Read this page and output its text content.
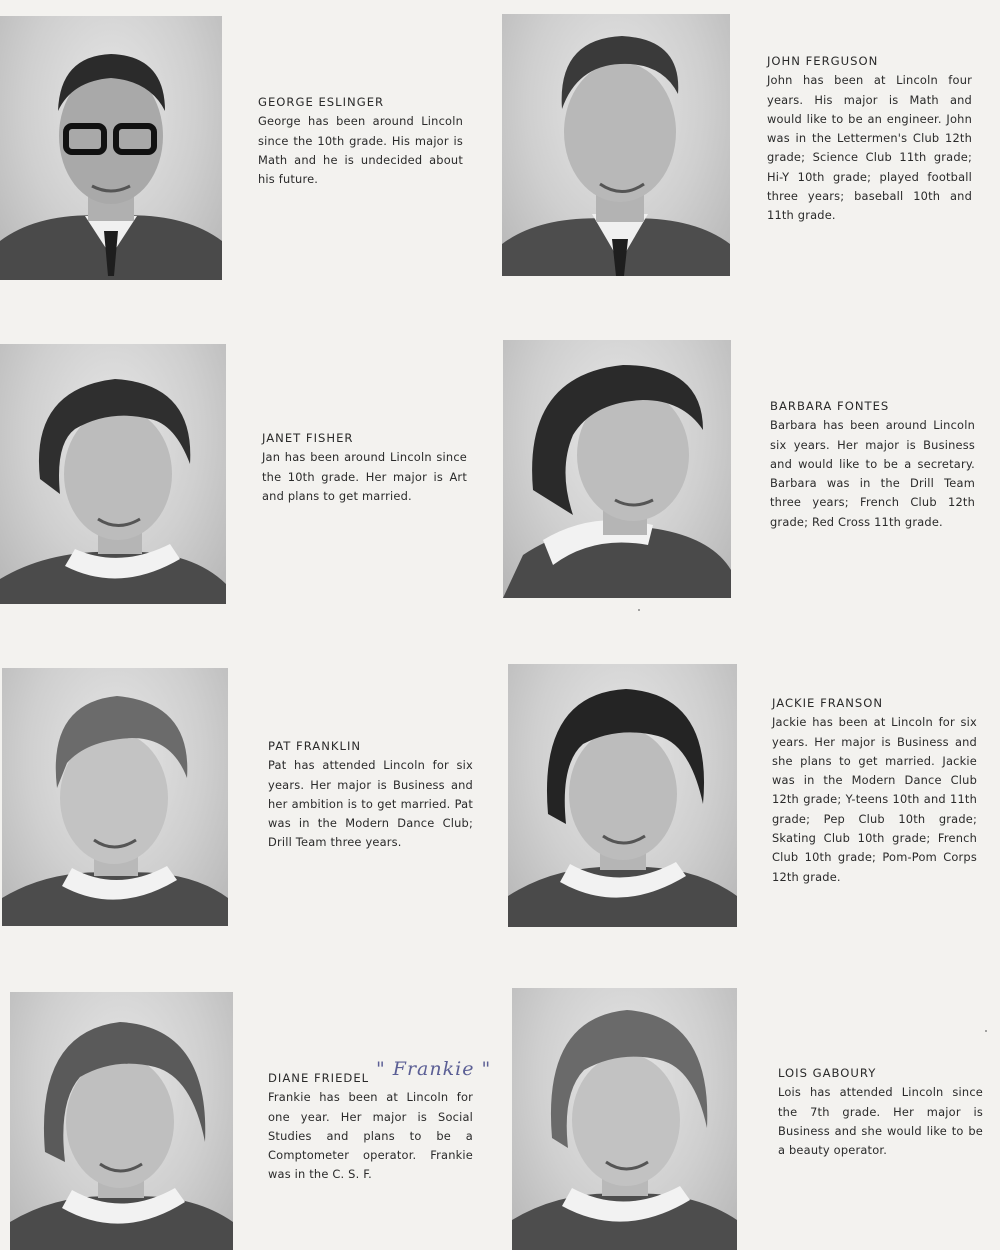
GEORGE ESLINGER
George has been around Lincoln since the 10th grade. His major is Math and he is undecided about his future.
JOHN FERGUSON
John has been at Lincoln four years. His major is Math and would like to be an engineer. John was in the Lettermen's Club 12th grade; Science Club 11th grade; Hi-Y 10th grade; played football three years; baseball 10th and 11th grade.
JANET FISHER
Jan has been around Lincoln since the 10th grade. Her major is Art and plans to get married.
BARBARA FONTES
Barbara has been around Lincoln six years. Her major is Business and would like to be a secretary. Barbara was in the Drill Team three years; French Club 12th grade; Red Cross 11th grade.
PAT FRANKLIN
Pat has attended Lincoln for six years. Her major is Business and her ambition is to get married. Pat was in the Modern Dance Club; Drill Team three years.
JACKIE FRANSON
Jackie has been at Lincoln for six years. Her major is Business and she plans to get married. Jackie was in the Modern Dance Club 12th grade; Y-teens 10th and 11th grade; Pep Club 10th grade; Skating Club 10th grade; French Club 10th grade; Pom-Pom Corps 12th grade.
DIANE FRIEDEL
Frankie has been at Lincoln for one year. Her major is Social Studies and plans to be a Comptometer operator. Frankie was in the C. S. F.
" Frankie "	LOIS GABOURY
Lois has attended Lincoln since the 7th grade. Her major is Business and she would like to be a beauty operator.
